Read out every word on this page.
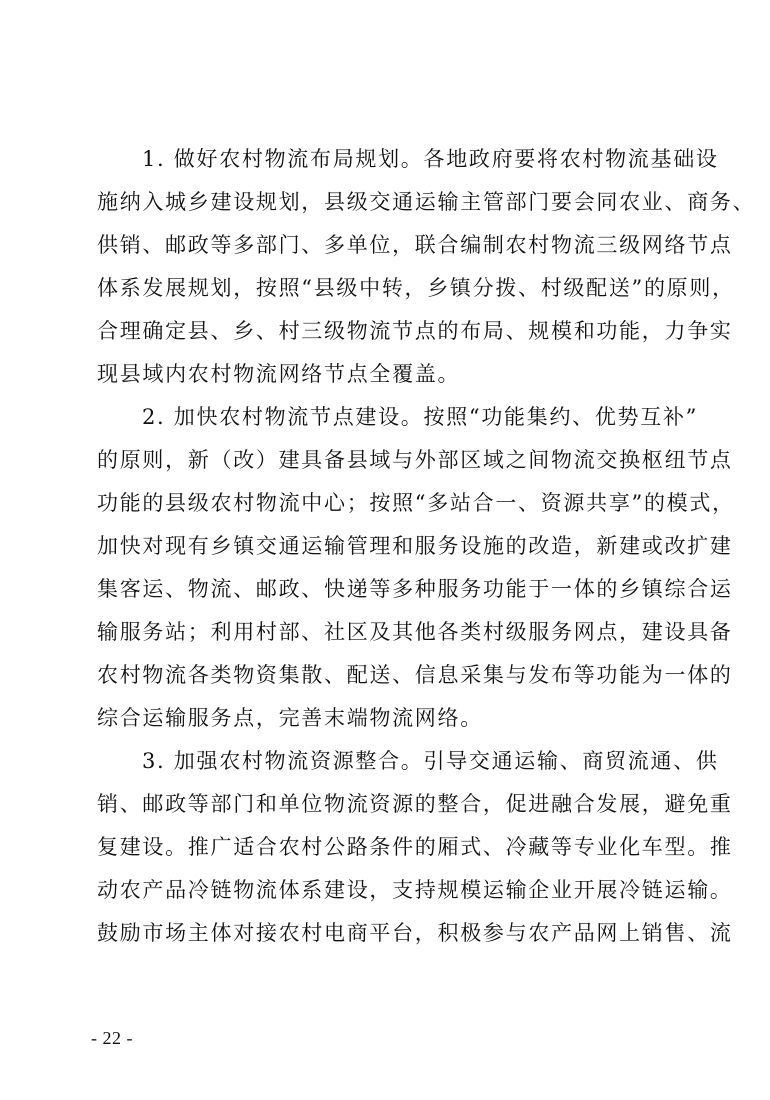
1. 做好农村物流布局规划。各地政府要将农村物流基础设
施纳入城乡建设规划，县级交通运输主管部门要会同农业、商务、
供销、邮政等多部门、多单位，联合编制农村物流三级网络节点
体系发展规划，按照“县级中转，乡镇分拨、村级配送”的原则，
合理确定县、乡、村三级物流节点的布局、规模和功能，力争实
现县域内农村物流网络节点全覆盖。
2. 加快农村物流节点建设。按照“功能集约、优势互补”
的原则，新（改）建具备县域与外部区域之间物流交换枢纽节点
功能的县级农村物流中心；按照“多站合一、资源共享”的模式，
加快对现有乡镇交通运输管理和服务设施的改造，新建或改扩建
集客运、物流、邮政、快递等多种服务功能于一体的乡镇综合运
输服务站；利用村部、社区及其他各类村级服务网点，建设具备
农村物流各类物资集散、配送、信息采集与发布等功能为一体的
综合运输服务点，完善末端物流网络。
3. 加强农村物流资源整合。引导交通运输、商贸流通、供
销、邮政等部门和单位物流资源的整合，促进融合发展，避免重
复建设。推广适合农村公路条件的厢式、冷藏等专业化车型。推
动农产品冷链物流体系建设，支持规模运输企业开展冷链运输。
鼓励市场主体对接农村电商平台，积极参与农产品网上销售、流
- 22 -
